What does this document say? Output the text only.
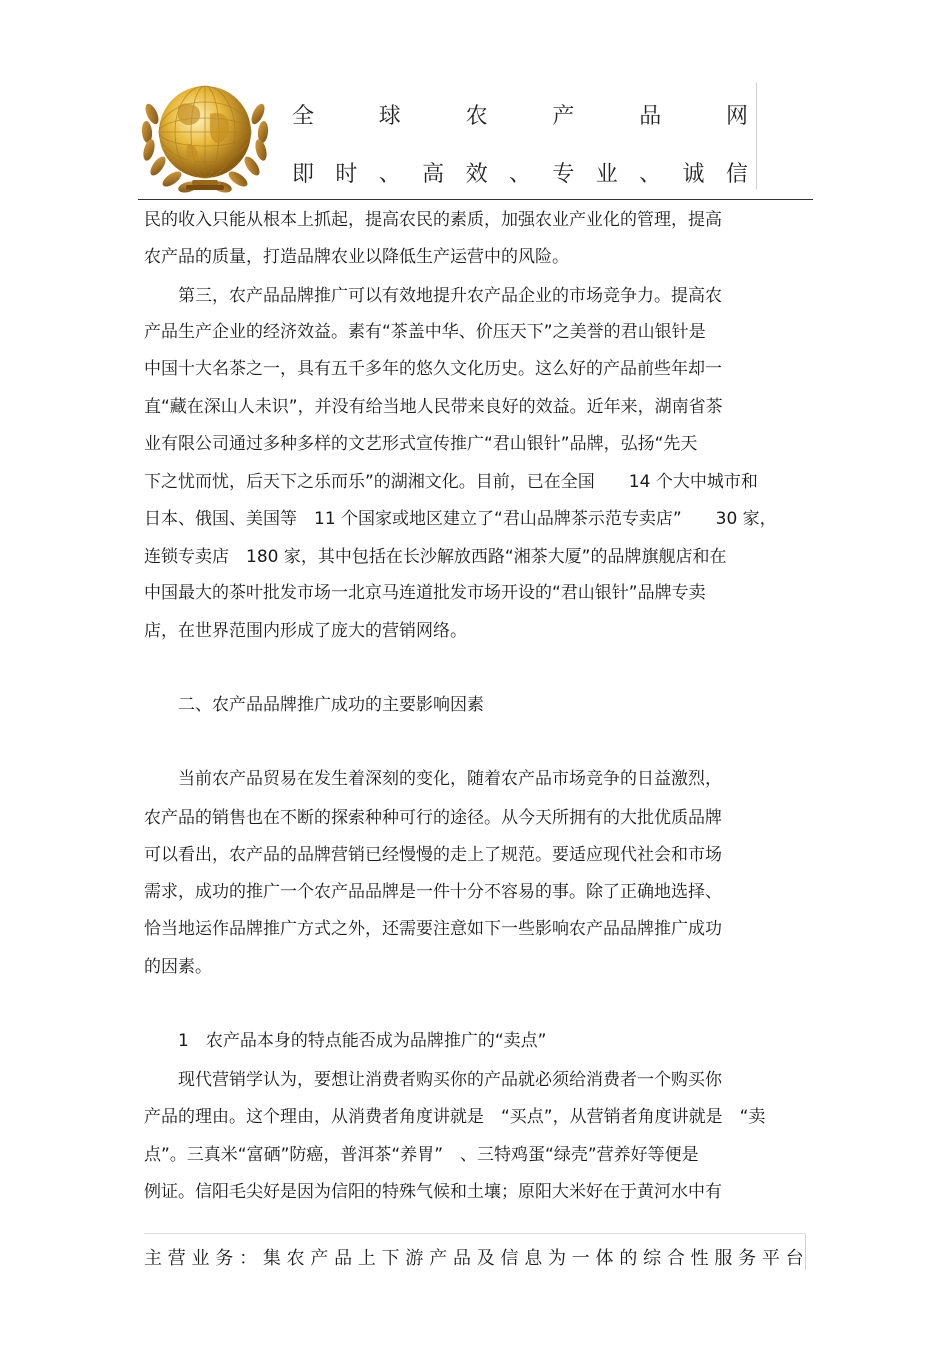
全	球	农	产	品	网
即 时 、 高 效 、 专 业 、 诚 信
民的收入只能从根本上抓起，提高农民的素质，加强农业产业化的管理，提高
农产品的质量，打造品牌农业以降低生产运营中的风险。
　　第三，农产品品牌推广可以有效地提升农产品企业的市场竞争力。提高农
产品生产企业的经济效益。素有“茶盖中华、价压天下”之美誉的君山银针是
中国十大名茶之一，具有五千多年的悠久文化历史。这么好的产品前些年却一
直“藏在深山人未识”，并没有给当地人民带来良好的效益。近年来，湖南省茶
业有限公司通过多种多样的文艺形式宣传推广“君山银针”品牌，弘扬“先天
下之忧而忧，后天下之乐而乐”的湖湘文化。目前，已在全国　　14 个大中城市和
日本、俄国、美国等　11 个国家或地区建立了“君山品牌茶示范专卖店”　　30 家，
连锁专卖店　180 家，其中包括在长沙解放西路“湘茶大厦”的品牌旗舰店和在
中国最大的茶叶批发市场一北京马连道批发市场开设的“君山银针”品牌专卖
店，在世界范围内形成了庞大的营销网络。
　　二、农产品品牌推广成功的主要影响因素
　　当前农产品贸易在发生着深刻的变化，随着农产品市场竞争的日益激烈，
农产品的销售也在不断的探索种种可行的途径。从今天所拥有的大批优质品牌
可以看出，农产品的品牌营销已经慢慢的走上了规范。要适应现代社会和市场
需求，成功的推广一个农产品品牌是一件十分不容易的事。除了正确地选择、
恰当地运作品牌推广方式之外，还需要注意如下一些影响农产品品牌推广成功
的因素。
　　1　农产品本身的特点能否成为品牌推广的“卖点”
　　现代营销学认为，要想让消费者购买你的产品就必须给消费者一个购买你
产品的理由。这个理由，从消费者角度讲就是　“买点”，从营销者角度讲就是　“卖
点”。三真米“富硒”防癌，普洱茶“养胃”　、三特鸡蛋“绿壳”营养好等便是
例证。信阳毛尖好是因为信阳的特殊气候和土壤；原阳大米好在于黄河水中有
主 营 业 务 ： 集 农 产 品 上 下 游 产 品 及 信 息 为 一 体 的 综 合 性 服 务 平 台
